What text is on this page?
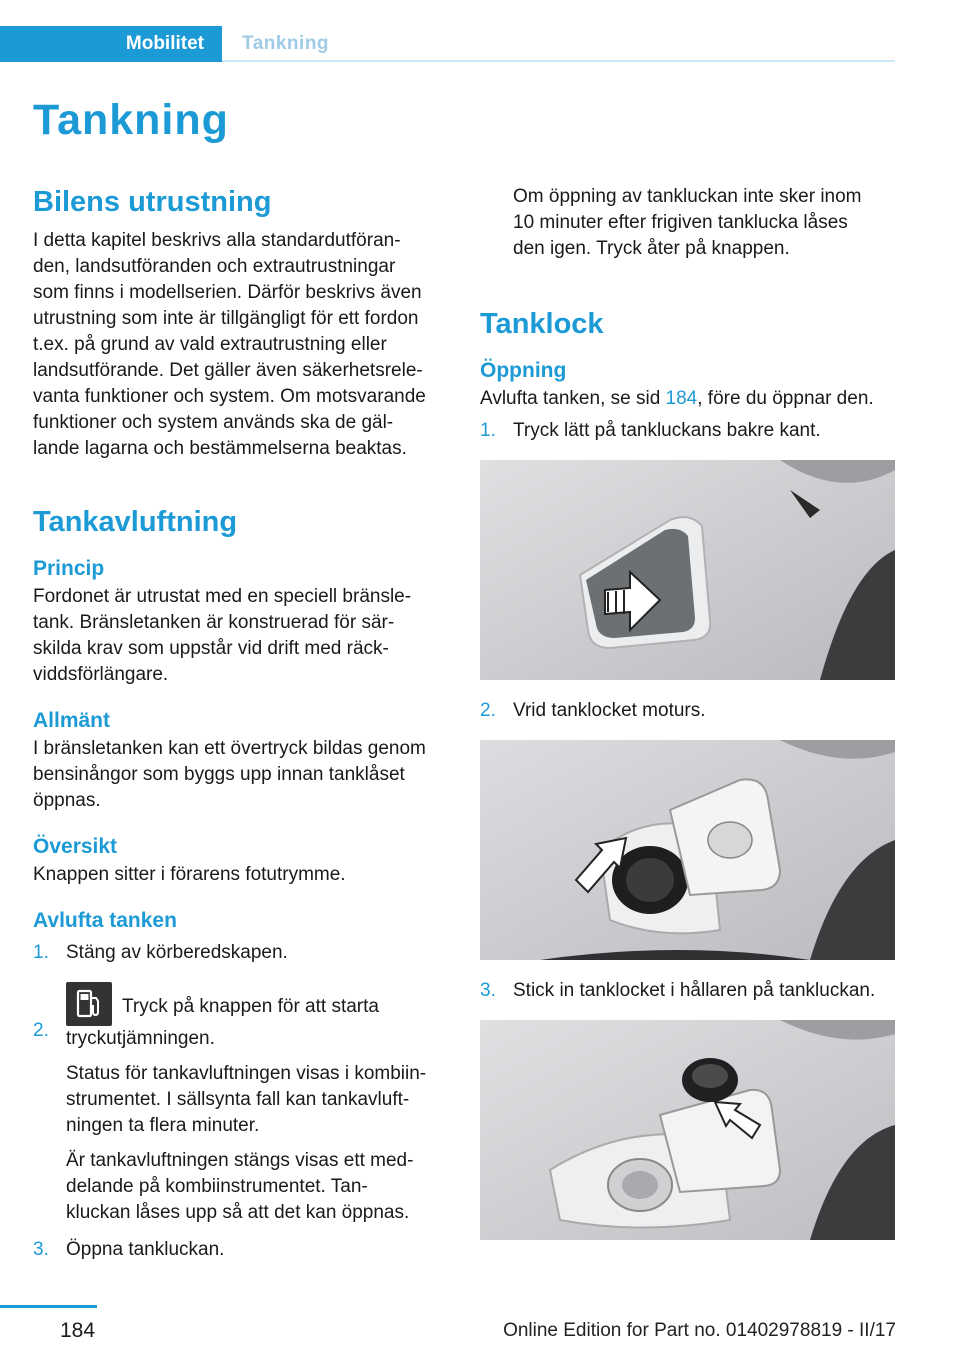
Mobilitet	Tankning
Tankning
Bilens utrustning

I detta kapitel beskrivs alla standardutföran-

den, landsutföranden och extrautrustningar

som finns i modellserien. Därför beskrivs även

utrustning som inte är tillgängligt för ett fordon

t.ex. på grund av vald extrautrustning eller

landsutförande. Det gäller även säkerhetsrele-

vanta funktioner och system. Om motsvarande

funktioner och system används ska de gäl-

lande lagarna och bestämmelserna beaktas.

Tankavluftning
Princip

Fordonet är utrustat med en speciell bränsle-

tank. Bränsletanken är konstruerad för sär-

skilda krav som uppstår vid drift med räck-

viddsförlängare.

Allmänt

I bränsletanken kan ett övertryck bildas genom

bensinångor som byggs upp innan tanklåset

öppnas.

Översikt

Knappen sitter i förarens fotutrymme.

Avlufta tanken
1. Stäng av körberedskapen.
2.
Tryck på knappen för att starta
tryckutjämningen.
Status för tankavluftningen visas i kombiin-
strumentet. I sällsynta fall kan tankavluft-
ningen ta flera minuter.
Är tankavluftningen stängs visas ett med-
delande på kombiinstrumentet. Tan-
kluckan låses upp så att det kan öppnas.
3. Öppna tankluckan.

Om öppning av tankluckan inte sker inom

10 minuter efter frigiven tanklucka låses

den igen. Tryck åter på knappen.

Tanklock
Öppning

Avlufta tanken, se sid 184, före du öppnar den.

1. Tryck lätt på tankluckans bakre kant.
2. Vrid tanklocket moturs.
3. Stick in tanklocket i hållaren på tankluckan.
184	Online Edition for Part no. 01402978819 - II/17
